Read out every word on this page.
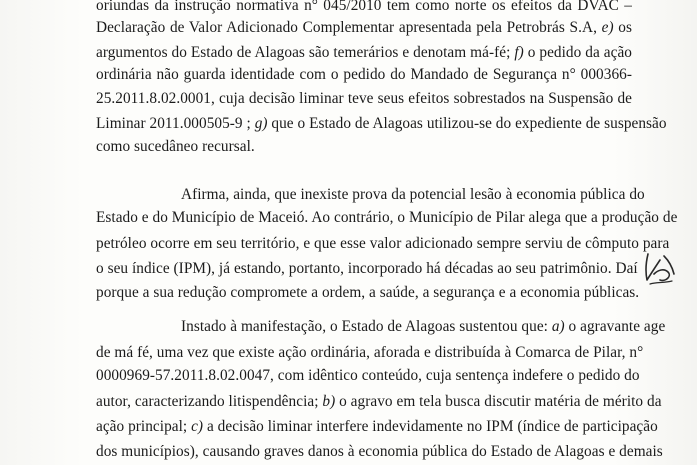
oriundas da instrução normativa n° 045/2010 tem como norte os efeitos da DVAC –
Declaração de Valor Adicionado Complementar apresentada pela Petrobrás S.A, e) os
argumentos do Estado de Alagoas são temerários e denotam má-fé; f) o pedido da ação
ordinária não guarda identidade com o pedido do Mandado de Segurança n° 000366-
25.2011.8.02.0001, cuja decisão liminar teve seus efeitos sobrestados na Suspensão de
Liminar 2011.000505-9 ; g) que o Estado de Alagoas utilizou-se do expediente de suspensão
como sucedâneo recursal.
Afirma, ainda, que inexiste prova da potencial lesão à economia pública do
Estado e do Município de Maceió. Ao contrário, o Município de Pilar alega que a produção de
petróleo ocorre em seu território, e que esse valor adicionado sempre serviu de cômputo para
o seu índice (IPM), já estando, portanto, incorporado há décadas ao seu patrimônio. Daí
porque a sua redução compromete a ordem, a saúde, a segurança e a economia públicas.
Instado à manifestação, o Estado de Alagoas sustentou que: a) o agravante age
de má fé, uma vez que existe ação ordinária, aforada e distribuída à Comarca de Pilar, n°
0000969-57.2011.8.02.0047, com idêntico conteúdo, cuja sentença indefere o pedido do
autor, caracterizando litispendência; b) o agravo em tela busca discutir matéria de mérito da
ação principal; c) a decisão liminar interfere indevidamente no IPM (índice de participação
dos municípios), causando graves danos à economia pública do Estado de Alagoas e demais
